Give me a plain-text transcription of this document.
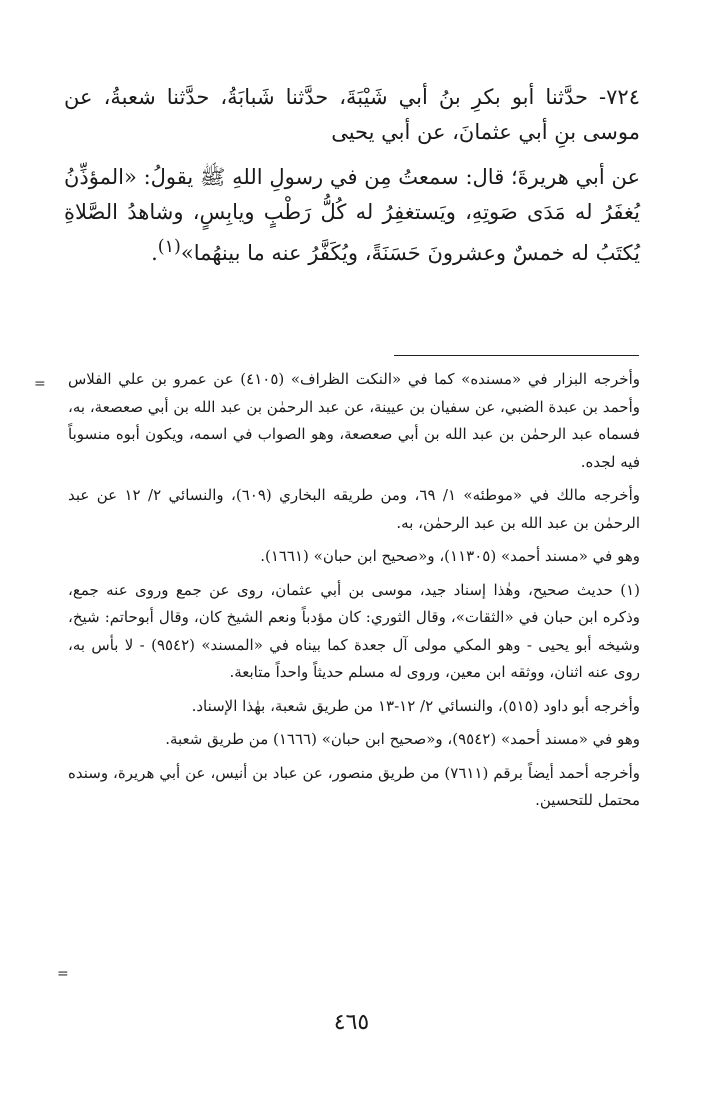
٧٢٤- حدَّثنا أبو بكرِ بنُ أبي شَيْبَةَ، حدَّثنا شَبابَةُ، حدَّثنا شعبةُ، عن موسى بنِ أبي عثمانَ، عن أبي يحيى

عن أبي هريرةَ؛ قال: سمعتُ مِن في رسولِ اللهِ ﷺ يقولُ: «المؤذِّنُ يُغفَرُ له مَدَى صَوتِهِ، ويَستغفِرُ له كُلُّ رَطْبٍ ويابِسٍ، وشاهدُ الصَّلاةِ يُكتَبُ له خمسٌ وعشرونَ حَسَنَةً، ويُكَفَّرُ عنه ما بينهُما»$^{(١)}$.

= وأخرجه البزار في «مسنده» كما في «النكت الظراف» (٤١٠٥) عن عمرو بن علي الفلاس وأحمد بن عبدة الضبي، عن سفيان بن عيينة، عن عبد الرحمٰن بن عبد الله بن أبي صعصعة، به، فسماه عبد الرحمٰن بن عبد الله بن أبي صعصعة، وهو الصواب في اسمه، ويكون أبوه منسوباً فيه لجده.

وأخرجه مالك في «موطئه» ١/ ٦٩، ومن طريقه البخاري (٦٠٩)، والنسائي ٢/ ١٢ عن عبد الرحمٰن بن عبد الله بن عبد الرحمٰن، به.

وهو في «مسند أحمد» (١١٣٠٥)، و«صحيح ابن حبان» (١٦٦١).

(١) حديث صحيح، وهٰذا إسناد جيد، موسى بن أبي عثمان، روى عن جمع وروى عنه جمع، وذكره ابن حبان في «الثقات»، وقال الثوري: كان مؤدباً ونعم الشيخ كان، وقال أبوحاتم: شيخ، وشيخه أبو يحيى - وهو المكي مولى آل جعدة كما بيناه في «المسند» (٩٥٤٢) - لا بأس به، روى عنه اثنان، ووثقه ابن معين، وروى له مسلم حديثاً واحداً متابعة.

وأخرجه أبو داود (٥١٥)، والنسائي ٢/ ١٢-١٣ من طريق شعبة، بهٰذا الإسناد.

وهو في «مسند أحمد» (٩٥٤٢)، و«صحيح ابن حبان» (١٦٦٦) من طريق شعبة.

وأخرجه أحمد أيضاً برقم (٧٦١١) من طريق منصور، عن عباد بن أنيس، عن أبي هريرة، وسنده محتمل للتحسين.

=
٤٦٥
